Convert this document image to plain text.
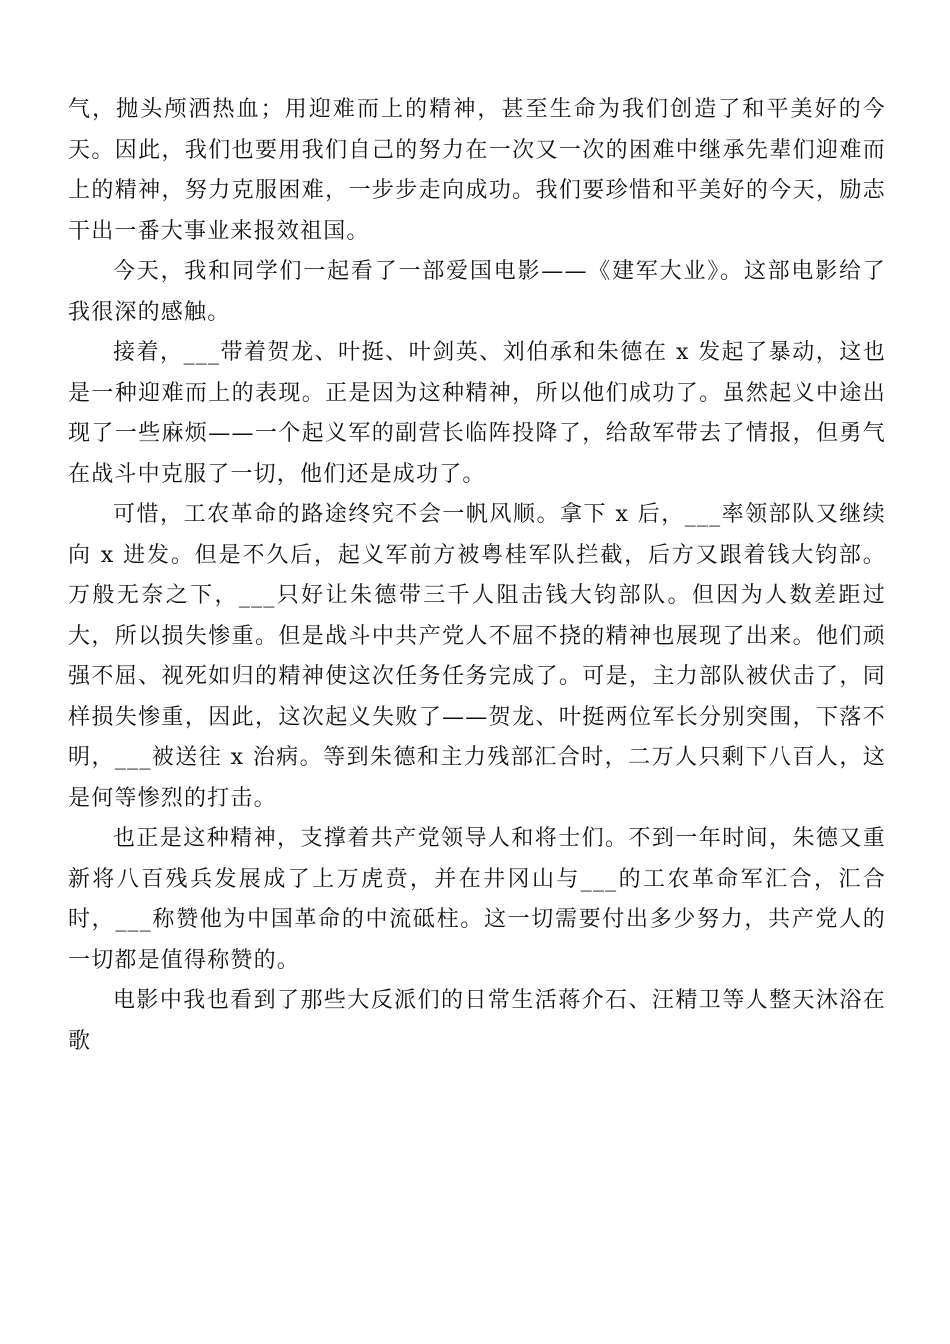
气，抛头颅洒热血；用迎难而上的精神，甚至生命为我们创造了和平美好的今天。因此，我们也要用我们自己的努力在一次又一次的困难中继承先辈们迎难而上的精神，努力克服困难，一步步走向成功。我们要珍惜和平美好的今天，励志干出一番大事业来报效祖国。

今天，我和同学们一起看了一部爱国电影——《建军大业》。这部电影给了我很深的感触。

接着，___带着贺龙、叶挺、叶剑英、刘伯承和朱德在 x 发起了暴动，这也是一种迎难而上的表现。正是因为这种精神，所以他们成功了。虽然起义中途出现了一些麻烦——一个起义军的副营长临阵投降了，给敌军带去了情报，但勇气在战斗中克服了一切，他们还是成功了。

可惜，工农革命的路途终究不会一帆风顺。拿下 x 后，___率领部队又继续向 x 进发。但是不久后，起义军前方被粤桂军队拦截，后方又跟着钱大钧部。万般无奈之下，___只好让朱德带三千人阻击钱大钧部队。但因为人数差距过大，所以损失惨重。但是战斗中共产党人不屈不挠的精神也展现了出来。他们顽强不屈、视死如归的精神使这次任务任务完成了。可是，主力部队被伏击了，同样损失惨重，因此，这次起义失败了——贺龙、叶挺两位军长分别突围，下落不明，___被送往 x 治病。等到朱德和主力残部汇合时，二万人只剩下八百人，这是何等惨烈的打击。

也正是这种精神，支撑着共产党领导人和将士们。不到一年时间，朱德又重新将八百残兵发展成了上万虎贲，并在井冈山与___的工农革命军汇合，汇合时，___称赞他为中国革命的中流砥柱。这一切需要付出多少努力，共产党人的一切都是值得称赞的。

电影中我也看到了那些大反派们的日常生活蒋介石、汪精卫等人整天沐浴在歌
